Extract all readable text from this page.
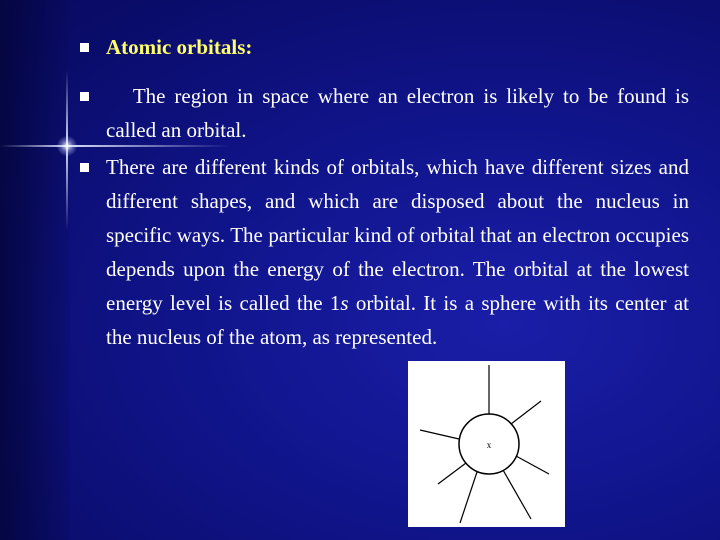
Atomic orbitals:
The region in space where an electron is likely to be found is called an orbital.
There are different kinds of orbitals, which have different sizes and different shapes, and which are disposed about the nucleus in specific ways. The particular kind of orbital that an electron occupies depends upon the energy of the electron. The orbital at the lowest energy level is called the 1s orbital. It is a sphere with its center at the nucleus of the atom, as represented.
x
